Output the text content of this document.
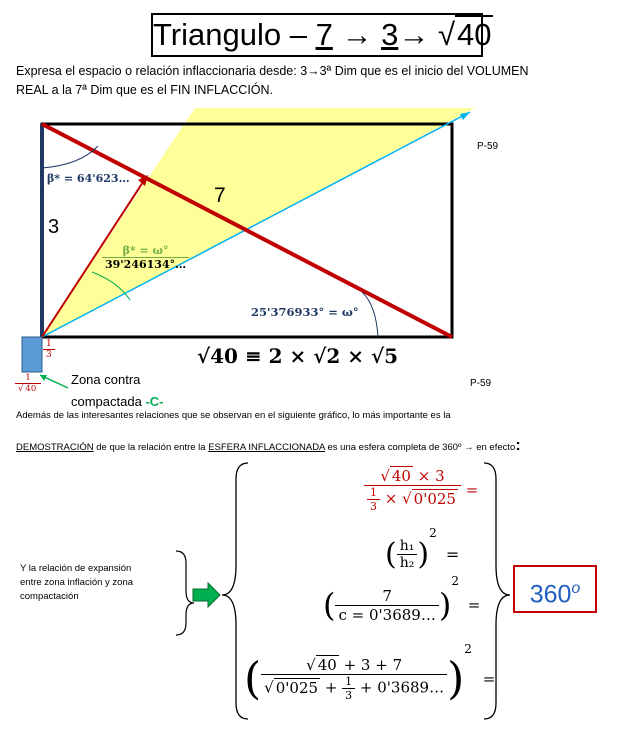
Triangulo – 7 → 3→ √40
Expresa el espacio o relación inflaccionaria desde: 3→3ª Dim que es el inicio del VOLUMEN
REAL a la 7ª Dim que es el FIN INFLACCIÓN.
3
7
P-59
P-59
β* = 64'623…
$\frac{\beta* = \omega^\circ}{39'246134^\circ\dots}$
25'376933° = ω°
√40 ≡ 2 × √2 × √5
$\frac{1}{3}$
$\frac{1}{√ 40}$ Zona contra
compactada -C-
Además de las interesantes relaciones que se observan en el siguiente gráfico, lo más importante es la
DEMOSTRACIÓN de que la relación entre la ESFERA INFLACCIONADA es una esfera completa de 360º → en efecto:
Y la relación de expansión
entre zona inflación y zona
compactación
$\frac{√ 40 \times 3}{\frac{1}{3} \times √ 0'025}$ =
( $\frac{\text{h₁}}{\text{h₂}} )^2$ =
( $\frac{7}{c = 0'3689\dots} )^2$ =
( $\frac{√ 40 + 3 + 7}{√ 0'025 + \frac{1}{3} + 0'3689\dots} )^2$ =
$360^o$
